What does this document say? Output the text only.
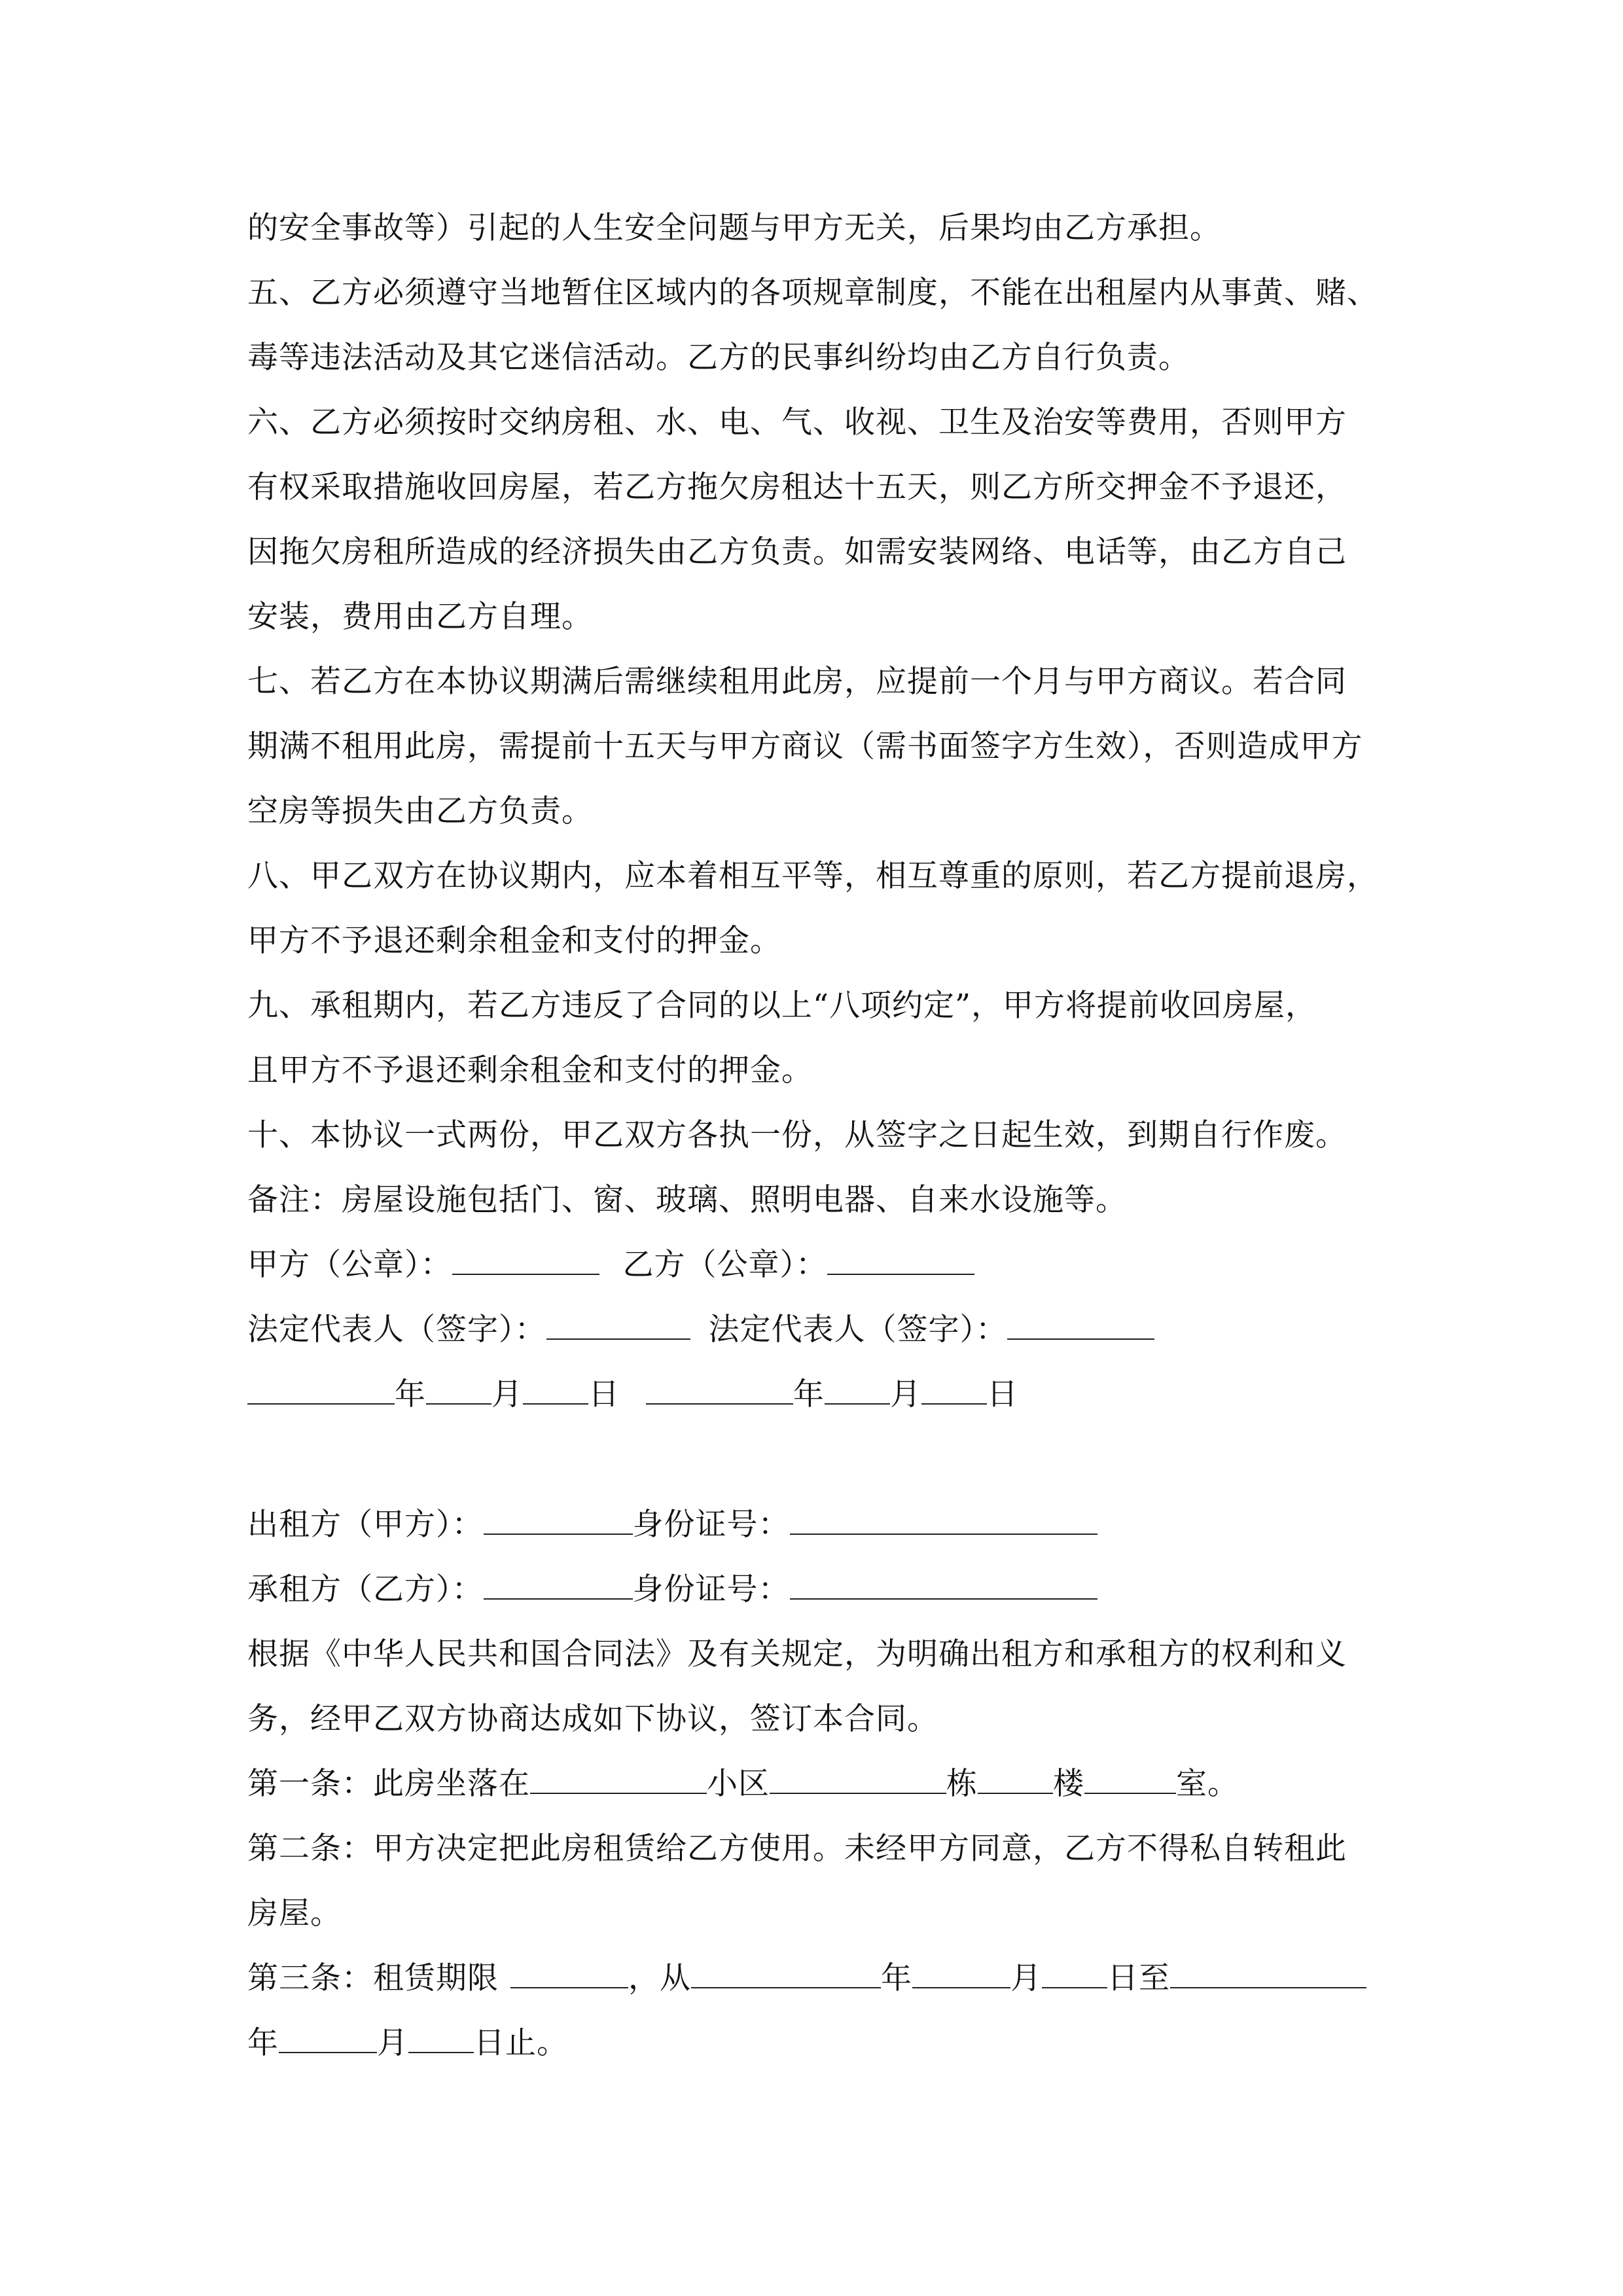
的安全事故等）引起的人生安全问题与甲方无关，后果均由乙方承担。
五、乙方必须遵守当地暂住区域内的各项规章制度，不能在出租屋内从事黄、赌、
毒等违法活动及其它迷信活动。乙方的民事纠纷均由乙方自行负责。
六、乙方必须按时交纳房租、水、电、气、收视、卫生及治安等费用，否则甲方
有权采取措施收回房屋，若乙方拖欠房租达十五天，则乙方所交押金不予退还，
因拖欠房租所造成的经济损失由乙方负责。如需安装网络、电话等，由乙方自己
安装，费用由乙方自理。
七、若乙方在本协议期满后需继续租用此房，应提前一个月与甲方商议。若合同
期满不租用此房，需提前十五天与甲方商议（需书面签字方生效），否则造成甲方
空房等损失由乙方负责。
八、甲乙双方在协议期内，应本着相互平等，相互尊重的原则，若乙方提前退房，
甲方不予退还剩余租金和支付的押金。
九、承租期内，若乙方违反了合同的以上“八项约定”，甲方将提前收回房屋，
且甲方不予退还剩余租金和支付的押金。
十、本协议一式两份，甲乙双方各执一份，从签字之日起生效，到期自行作废。
备注：房屋设施包括门、窗、玻璃、照明电器、自来水设施等。
甲方（公章）：	乙方（公章）：
法定代表人（签字）：	法定代表人（签字）：
年 月 日	年 月 日
出租方（甲方）：	身份证号：
承租方（乙方）：	身份证号：
根据《中华人民共和国合同法》及有关规定，为明确出租方和承租方的权利和义
务，经甲乙双方协商达成如下协议，签订本合同。
第一条：此房坐落在	小区	栋 楼	室。
第二条：甲方决定把此房租赁给乙方使用。未经甲方同意，乙方不得私自转租此
房屋。
第三条：租赁期限	，从	年	月 日至
年	月 日止。
